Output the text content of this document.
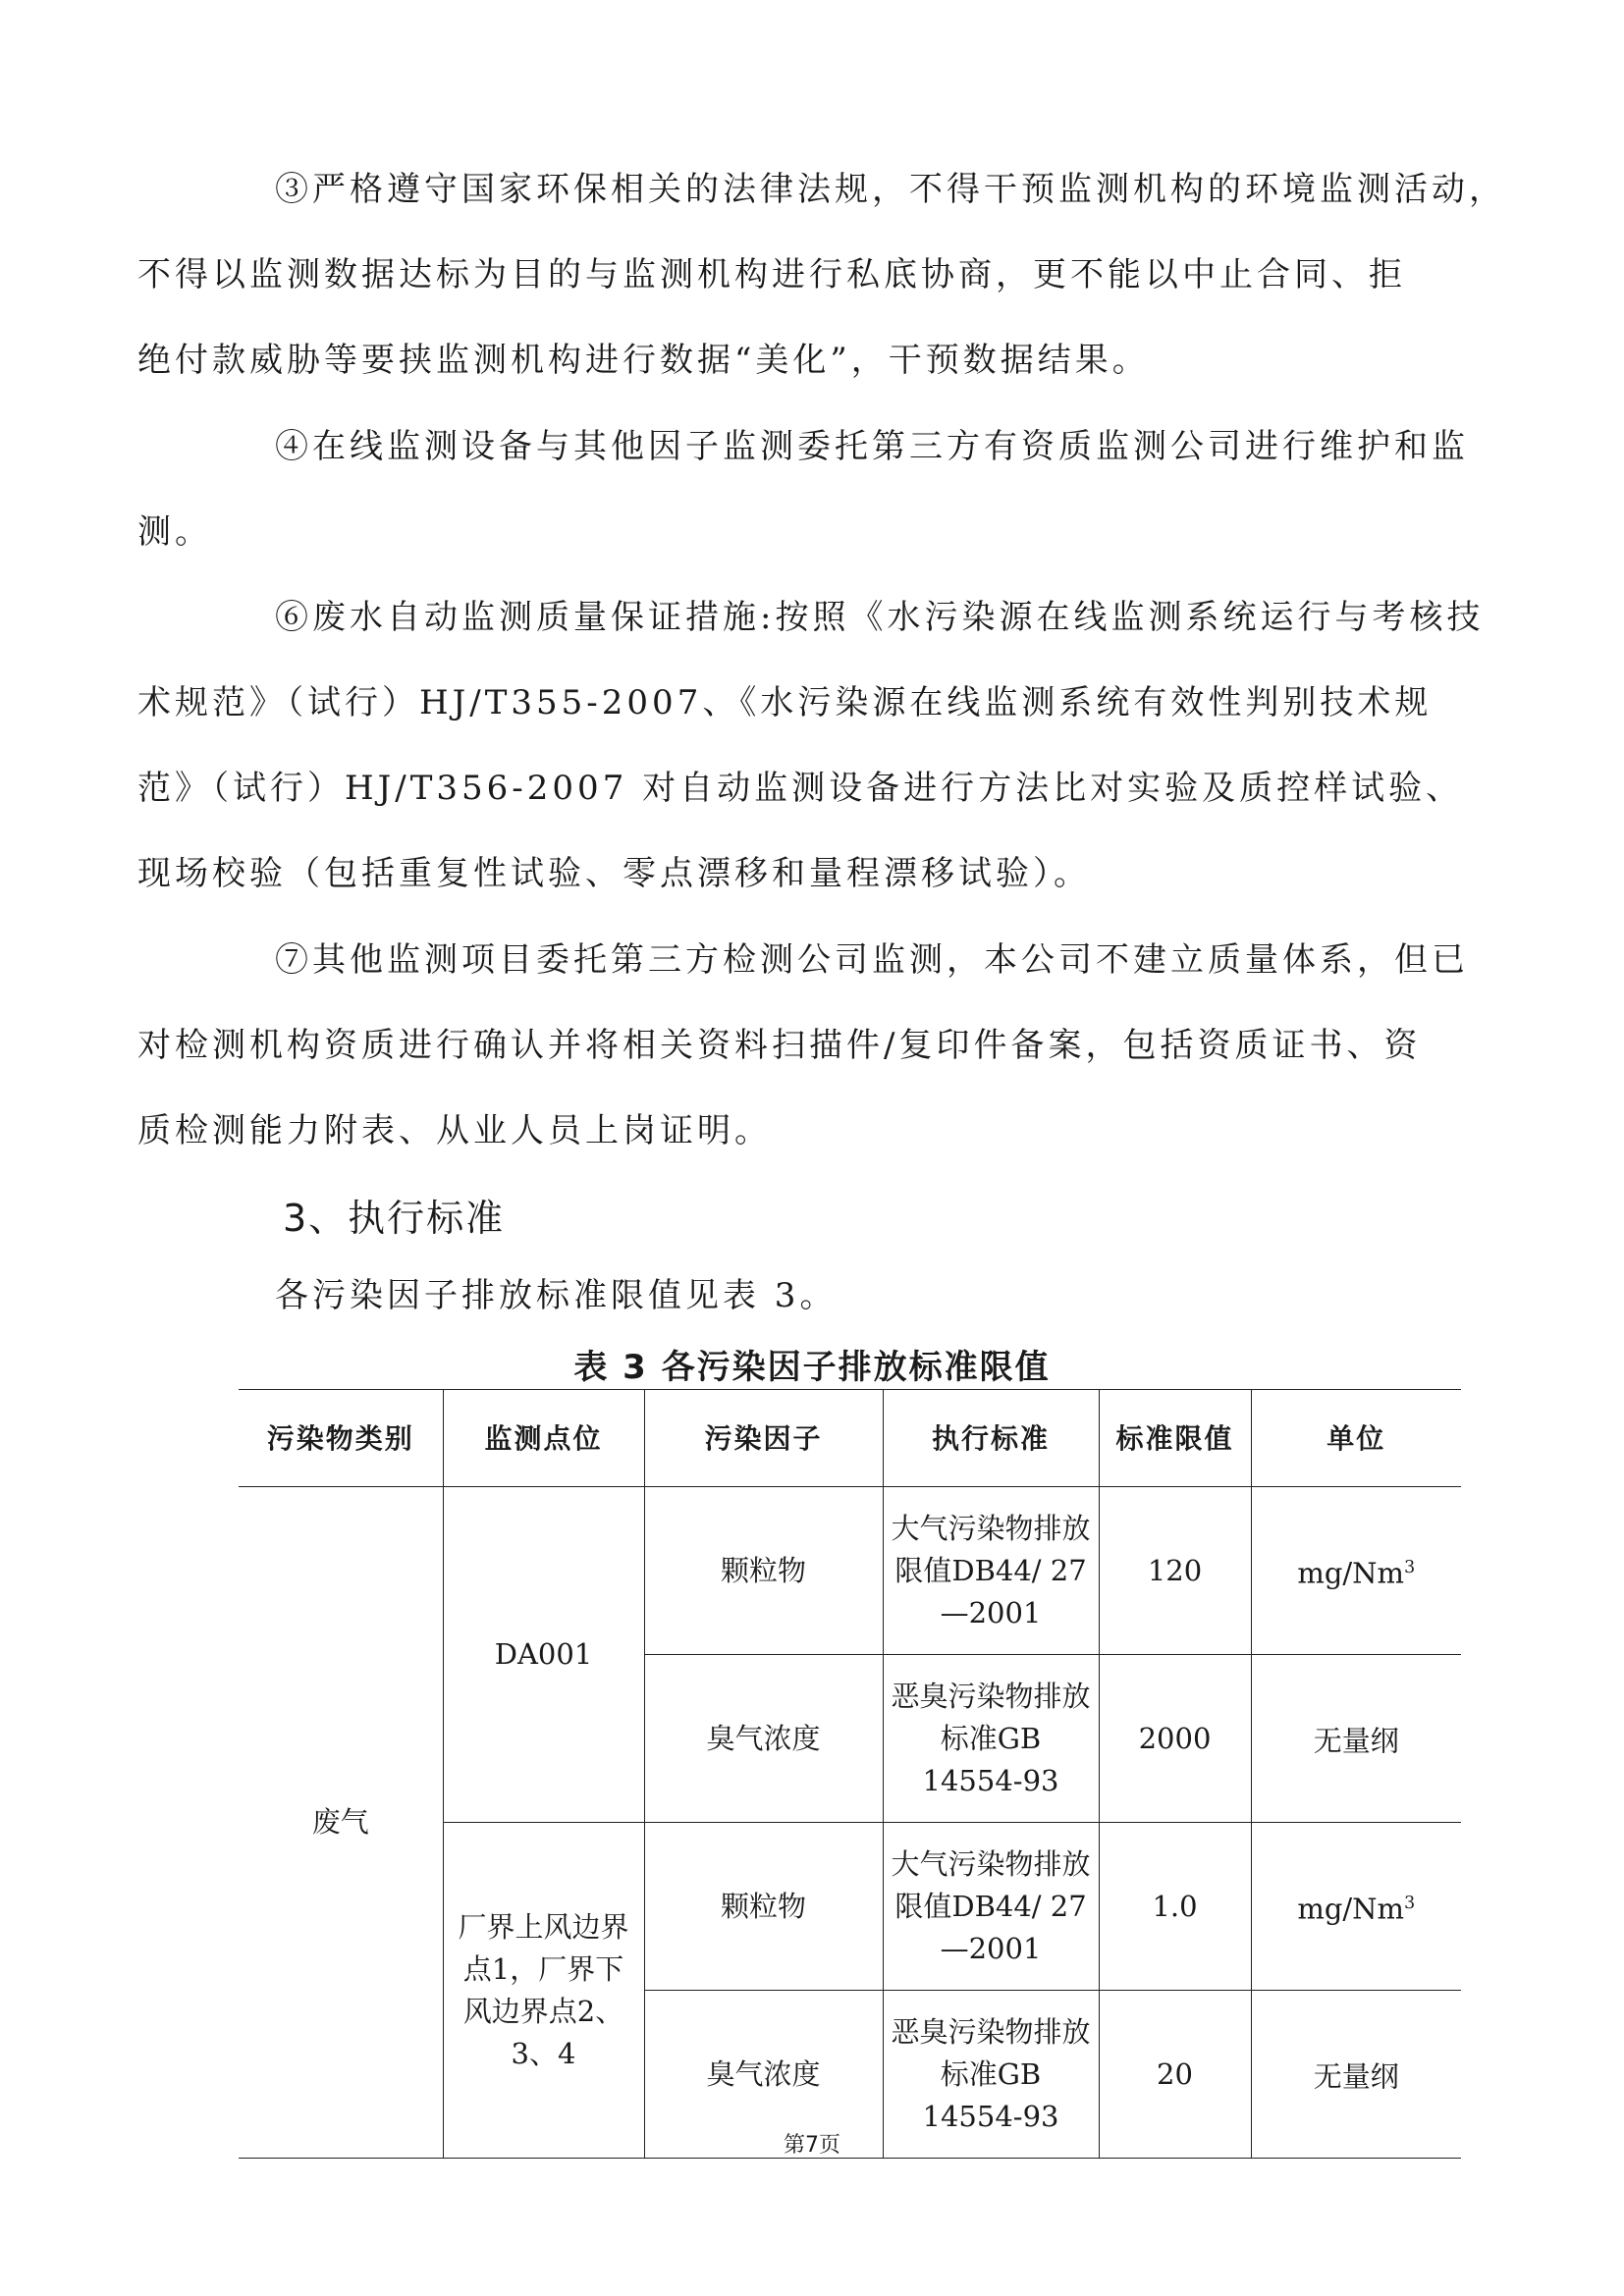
③严格遵守国家环保相关的法律法规，不得干预监测机构的环境监测活动，
不得以监测数据达标为目的与监测机构进行私底协商，更不能以中止合同、拒
绝付款威胁等要挟监测机构进行数据“美化”，干预数据结果。

④在线监测设备与其他因子监测委托第三方有资质监测公司进行维护和监
测。

⑥废水自动监测质量保证措施:按照《水污染源在线监测系统运行与考核技
术规范》（试行）HJ/T355-2007、《水污染源在线监测系统有效性判别技术规
范》（试行）HJ/T356-2007 对自动监测设备进行方法比对实验及质控样试验、
现场校验（包括重复性试验、零点漂移和量程漂移试验）。

⑦其他监测项目委托第三方检测公司监测，本公司不建立质量体系，但已
对检测机构资质进行确认并将相关资料扫描件/复印件备案，包括资质证书、资
质检测能力附表、从业人员上岗证明。

3、执行标准

各污染因子排放标准限值见表 3。

表 3 各污染因子排放标准限值

污染物类别	监测点位	污染因子	执行标准	标准限值	单位
废气	DA001	颗粒物	大气污染物排放限值DB44/ 27—2001	120	mg/Nm$^3$
		臭气浓度	恶臭污染物排放标准GB 14554-93	2000	无量纲
	厂界上风边界点1，厂界下风边界点2、3、4	颗粒物	大气污染物排放限值DB44/ 27—2001	1.0	mg/Nm$^3$
		臭气浓度	恶臭污染物排放标准GB 14554-93	20	无量纲

第7页
